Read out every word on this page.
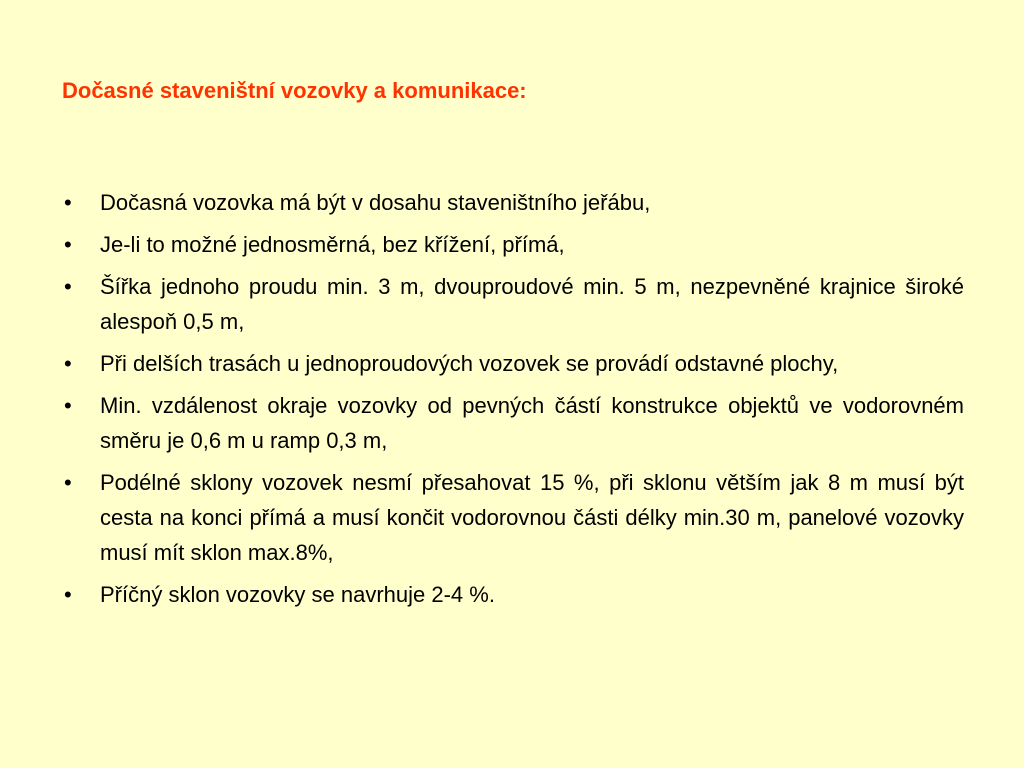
Dočasné staveništní vozovky a komunikace:
•	Dočasná vozovka má být v dosahu staveništního jeřábu,
•	Je-li to možné jednosměrná, bez křížení, přímá,
•	Šířka jednoho proudu min. 3 m, dvouproudové min. 5 m, nezpevněné krajnice široké alespoň 0,5 m,
•	Při delších trasách u jednoproudových vozovek se provádí odstavné plochy,
•	Min. vzdálenost okraje vozovky od pevných částí konstrukce objektů ve vodorovném směru je 0,6 m u ramp 0,3 m,
•	Podélné sklony vozovek nesmí přesahovat 15 %, při sklonu větším jak 8 m musí být cesta na konci přímá a musí končit vodorovnou části délky min.30 m, panelové vozovky musí mít sklon max.8%,
•	Příčný sklon vozovky se navrhuje 2-4 %.
